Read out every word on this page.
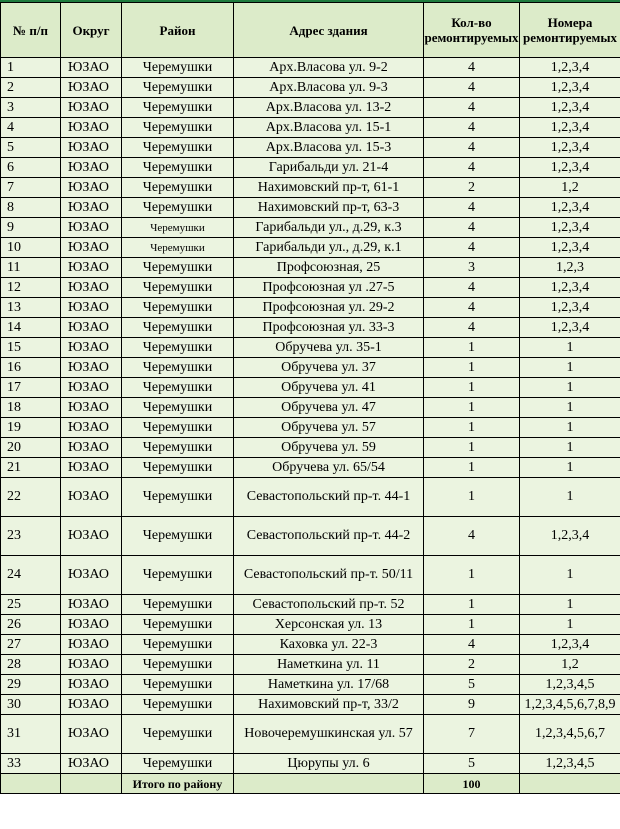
№ п/п	Округ	Район	Адрес здания	Кол-во ремонтируемых	Номера ремонтируемых
1	ЮЗАО	Черемушки	Арх.Власова ул. 9-2	4	1,2,3,4
2	ЮЗАО	Черемушки	Арх.Власова ул. 9-3	4	1,2,3,4
3	ЮЗАО	Черемушки	Арх.Власова ул. 13-2	4	1,2,3,4
4	ЮЗАО	Черемушки	Арх.Власова ул. 15-1	4	1,2,3,4
5	ЮЗАО	Черемушки	Арх.Власова ул. 15-3	4	1,2,3,4
6	ЮЗАО	Черемушки	Гарибальди ул. 21-4	4	1,2,3,4
7	ЮЗАО	Черемушки	Нахимовский пр-т, 61-1	2	1,2
8	ЮЗАО	Черемушки	Нахимовский пр-т, 63-3	4	1,2,3,4
9	ЮЗАО	Черемушки	Гарибальди ул., д.29, к.3	4	1,2,3,4
10	ЮЗАО	Черемушки	Гарибальди ул., д.29, к.1	4	1,2,3,4
11	ЮЗАО	Черемушки	Профсоюзная, 25	3	1,2,3
12	ЮЗАО	Черемушки	Профсоюзная ул .27-5	4	1,2,3,4
13	ЮЗАО	Черемушки	Профсоюзная ул. 29-2	4	1,2,3,4
14	ЮЗАО	Черемушки	Профсоюзная ул. 33-3	4	1,2,3,4
15	ЮЗАО	Черемушки	Обручева ул. 35-1	1	1
16	ЮЗАО	Черемушки	Обручева ул. 37	1	1
17	ЮЗАО	Черемушки	Обручева ул. 41	1	1
18	ЮЗАО	Черемушки	Обручева ул. 47	1	1
19	ЮЗАО	Черемушки	Обручева ул. 57	1	1
20	ЮЗАО	Черемушки	Обручева ул. 59	1	1
21	ЮЗАО	Черемушки	Обручева ул. 65/54	1	1
22	ЮЗАО	Черемушки	Севастопольский пр-т. 44-1	1	1
23	ЮЗАО	Черемушки	Севастопольский пр-т. 44-2	4	1,2,3,4
24	ЮЗАО	Черемушки	Севастопольский пр-т. 50/11	1	1
25	ЮЗАО	Черемушки	Севастопольский пр-т. 52	1	1
26	ЮЗАО	Черемушки	Херсонская ул. 13	1	1
27	ЮЗАО	Черемушки	Каховка ул. 22-3	4	1,2,3,4
28	ЮЗАО	Черемушки	Наметкина ул. 11	2	1,2
29	ЮЗАО	Черемушки	Наметкина ул. 17/68	5	1,2,3,4,5
30	ЮЗАО	Черемушки	Нахимовский пр-т, 33/2	9	1,2,3,4,5,6,7,8,9
31	ЮЗАО	Черемушки	Новочеремушкинская ул. 57	7	1,2,3,4,5,6,7
33	ЮЗАО	Черемушки	Цюрупы ул. 6	5	1,2,3,4,5
		Итого по району		100	
